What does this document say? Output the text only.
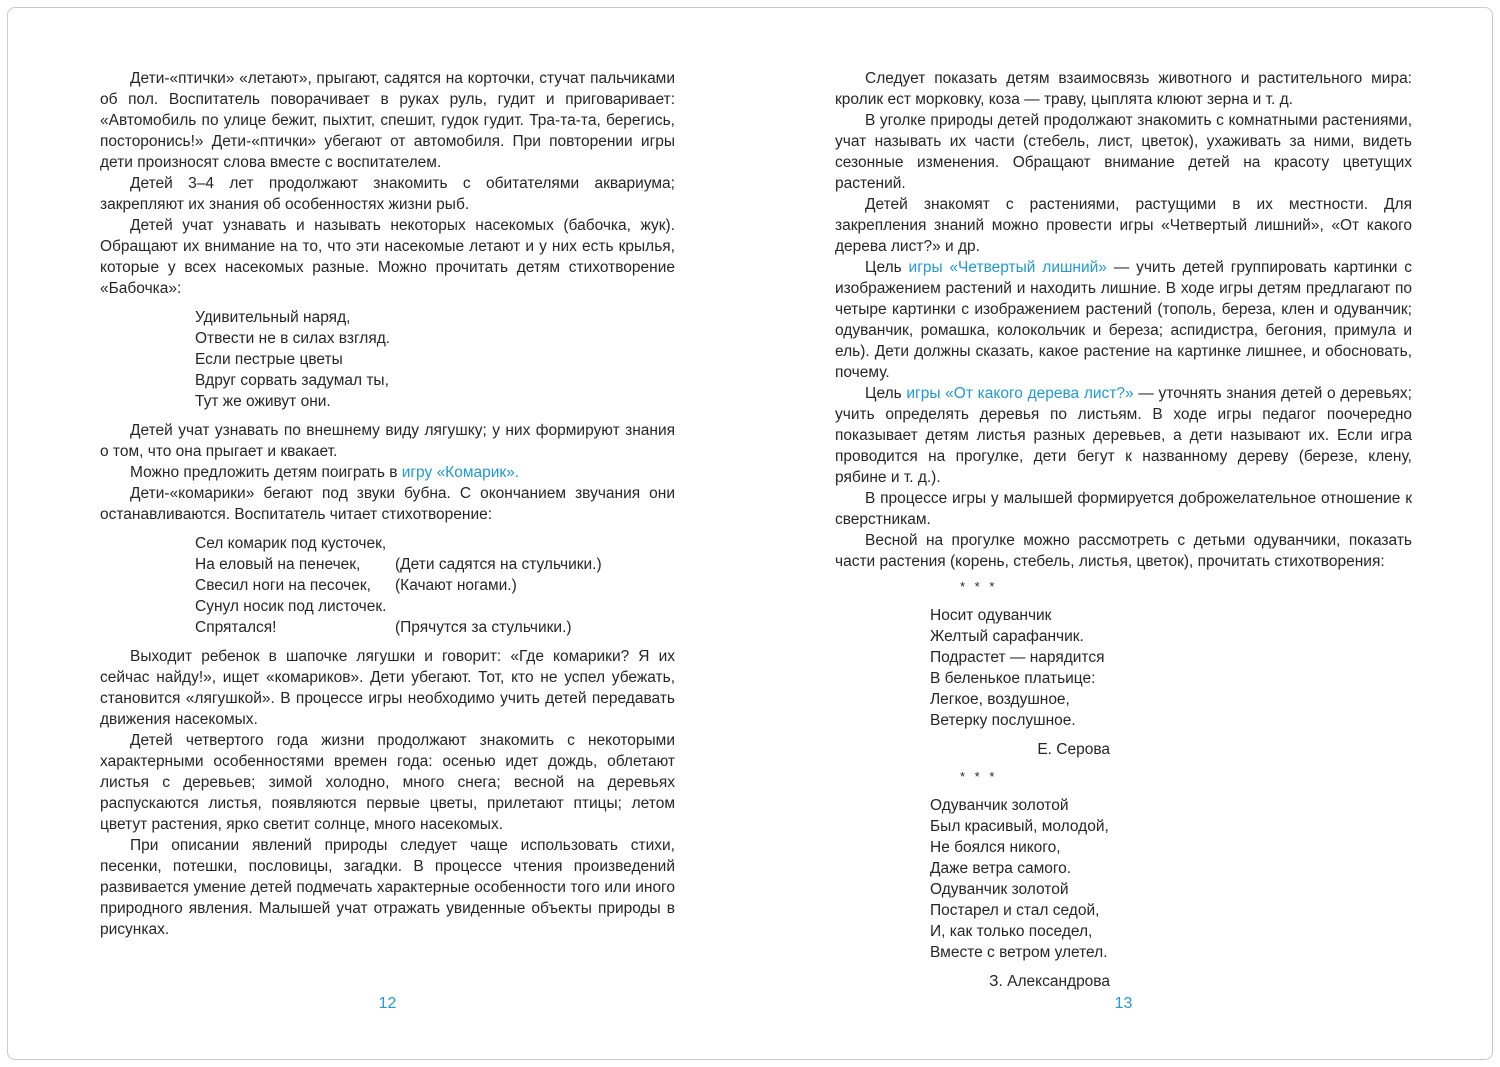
Дети-«птички» «летают», прыгают, садятся на корточки, стучат пальчиками об пол. Воспитатель поворачивает в руках руль, гудит и приговаривает: «Автомобиль по улице бежит, пыхтит, спешит, гудок гудит. Тра-та-та, берегись, посторонись!» Дети-«птички» убегают от автомобиля. При повторении игры дети произносят слова вместе с воспитателем.

Детей 3–4 лет продолжают знакомить с обитателями аквариума; закрепляют их знания об особенностях жизни рыб.

Детей учат узнавать и называть некоторых насекомых (бабочка, жук). Обращают их внимание на то, что эти насекомые летают и у них есть крылья, которые у всех насекомых разные. Можно прочитать детям стихотворение «Бабочка»:

Удивительный наряд,
Отвести не в силах взгляд.
Если пестрые цветы
Вдруг сорвать задумал ты,
Тут же оживут они.

Детей учат узнавать по внешнему виду лягушку; у них формируют знания о том, что она прыгает и квакает.

Можно предложить детям поиграть в игру «Комарик».

Дети-«комарики» бегают под звуки бубна. С окончанием звучания они останавливаются. Воспитатель читает стихотворение:

Сел комарик под кусточек,
На еловый на пенечек,	(Дети садятся на стульчики.)
Свесил ноги на песочек,	(Качают ногами.)
Сунул носик под листочек.
Спрятался!	(Прячутся за стульчики.)

Выходит ребенок в шапочке лягушки и говорит: «Где комарики? Я их сейчас найду!», ищет «комариков». Дети убегают. Тот, кто не успел убежать, становится «лягушкой». В процессе игры необходимо учить детей передавать движения насекомых.

Детей четвертого года жизни продолжают знакомить с некоторыми характерными особенностями времен года: осенью идет дождь, облетают листья с деревьев; зимой холодно, много снега; весной на деревьях распускаются листья, появляются первые цветы, прилетают птицы; летом цветут растения, ярко светит солнце, много насекомых.

При описании явлений природы следует чаще использовать стихи, песенки, потешки, пословицы, загадки. В процессе чтения произведений развивается умение детей подмечать характерные особенности того или иного природного явления. Малышей учат отражать увиденные объекты природы в рисунках.

12

Следует показать детям взаимосвязь животного и растительного мира: кролик ест морковку, коза — траву, цыплята клюют зерна и т. д.

В уголке природы детей продолжают знакомить с комнатными растениями, учат называть их части (стебель, лист, цветок), ухаживать за ними, видеть сезонные изменения. Обращают внимание детей на красоту цветущих растений.

Детей знакомят с растениями, растущими в их местности. Для закрепления знаний можно провести игры «Четвертый лишний», «От какого дерева лист?» и др.

Цель игры «Четвертый лишний» — учить детей группировать картинки с изображением растений и находить лишние. В ходе игры детям предлагают по четыре картинки с изображением растений (тополь, береза, клен и одуванчик; одуванчик, ромашка, колокольчик и береза; аспидистра, бегония, примула и ель). Дети должны сказать, какое растение на картинке лишнее, и обосновать, почему.

Цель игры «От какого дерева лист?» — уточнять знания детей о деревьях; учить определять деревья по листьям. В ходе игры педагог поочередно показывает детям листья разных деревьев, а дети называют их. Если игра проводится на прогулке, дети бегут к названному дереву (березе, клену, рябине и т. д.).

В процессе игры у малышей формируется доброжелательное отношение к сверстникам.

Весной на прогулке можно рассмотреть с детьми одуванчики, показать части растения (корень, стебель, листья, цветок), прочитать стихотворения:

* * *
Носит одуванчик
Желтый сарафанчик.
Подрастет — нарядится
В беленькое платьице:
Легкое, воздушное,
Ветерку послушное.
Е. Серова
* * *
Одуванчик золотой
Был красивый, молодой,
Не боялся никого,
Даже ветра самого.
Одуванчик золотой
Постарел и стал седой,
И, как только поседел,
Вместе с ветром улетел.
З. Александрова
13
